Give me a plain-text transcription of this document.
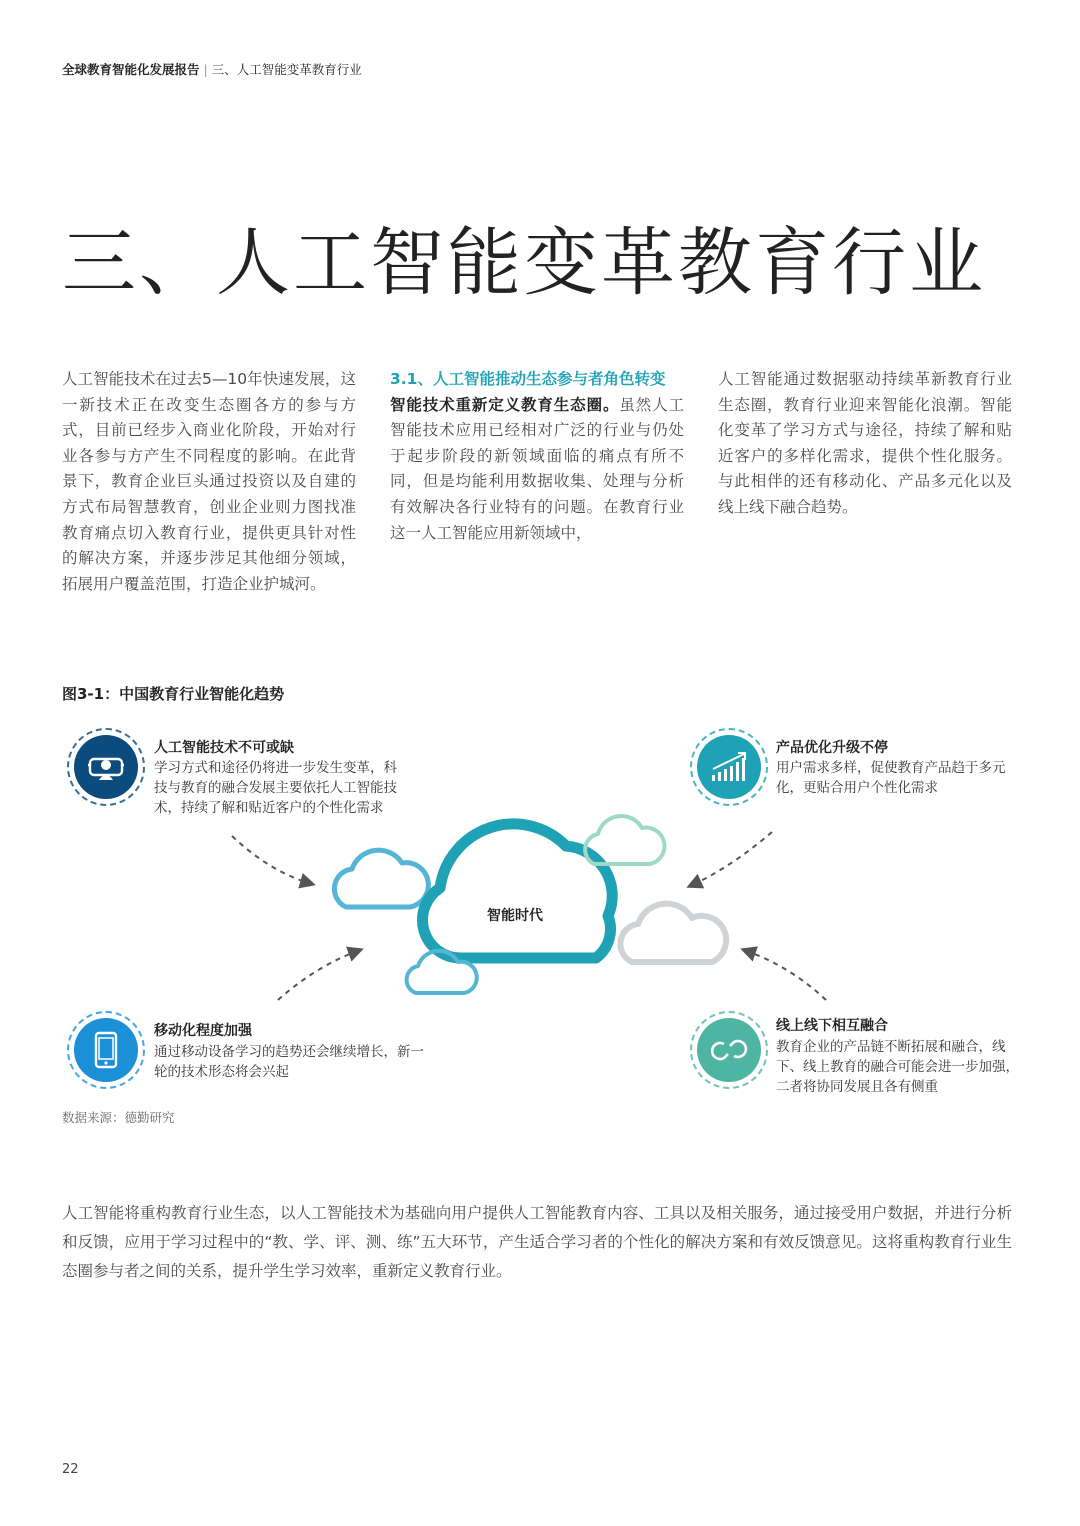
全球教育智能化发展报告 | 三、人工智能变革教育行业
三、人工智能变革教育行业
人工智能技术在过去5—10年快速发展，这一新技术正在改变生态圈各方的参与方式，目前已经步入商业化阶段，开始对行业各参与方产生不同程度的影响。在此背景下，教育企业巨头通过投资以及自建的方式布局智慧教育，创业企业则力图找准教育痛点切入教育行业，提供更具针对性的解决方案，并逐步涉足其他细分领域，拓展用户覆盖范围，打造企业护城河。
3.1、人工智能推动生态参与者角色转变
智能技术重新定义教育生态圈。虽然人工智能技术应用已经相对广泛的行业与仍处于起步阶段的新领域面临的痛点有所不同，但是均能利用数据收集、处理与分析有效解决各行业特有的问题。在教育行业这一人工智能应用新领域中，
人工智能通过数据驱动持续革新教育行业生态圈，教育行业迎来智能化浪潮。智能化变革了学习方式与途径，持续了解和贴近客户的多样化需求，提供个性化服务。与此相伴的还有移动化、产品多元化以及线上线下融合趋势。
图3-1：中国教育行业智能化趋势
智能时代
人工智能技术不可或缺
学习方式和途径仍将进一步发生变革，科技与教育的融合发展主要依托人工智能技术，持续了解和贴近客户的个性化需求
产品优化升级不停
用户需求多样，促使教育产品趋于多元化，更贴合用户个性化需求
移动化程度加强
通过移动设备学习的趋势还会继续增长，新一轮的技术形态将会兴起
线上线下相互融合
教育企业的产品链不断拓展和融合，线下、线上教育的融合可能会进一步加强，二者将协同发展且各有侧重
数据来源：德勤研究
人工智能将重构教育行业生态，以人工智能技术为基础向用户提供人工智能教育内容、工具以及相关服务，通过接受用户数据，并进行分析和反馈，应用于学习过程中的“教、学、评、测、练”五大环节，产生适合学习者的个性化的解决方案和有效反馈意见。这将重构教育行业生态圈参与者之间的关系，提升学生学习效率，重新定义教育行业。
22
